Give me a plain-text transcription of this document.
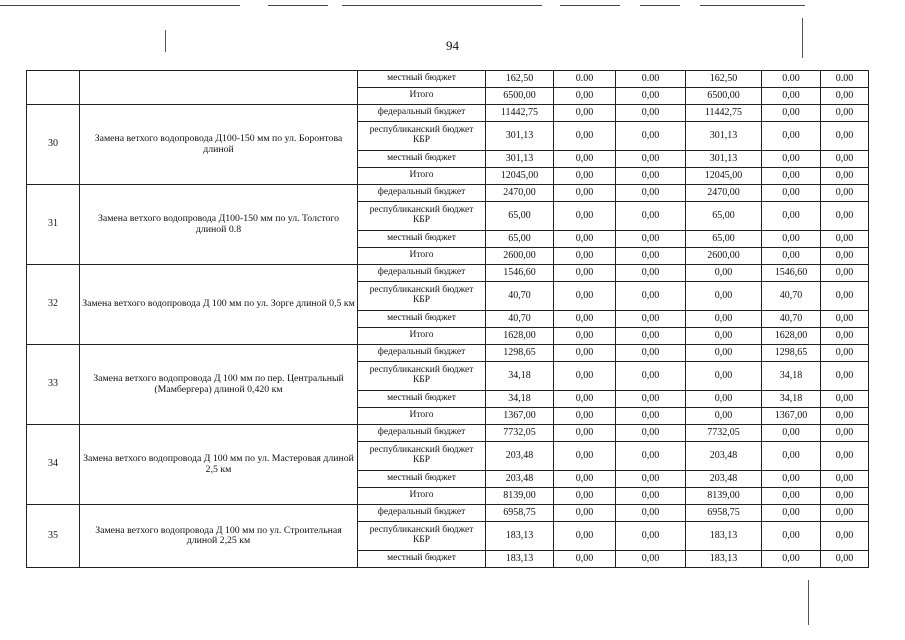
94
		местный бюджет	162,50	0.00	0.00	162,50	0.00	0.00
		Итого	6500,00	0,00	0,00	6500,00	0,00	0,00
30	Замена ветхого водопровода Д100-150 мм по ул. Боронтова длиной	федеральный бюджет	11442,75	0,00	0,00	11442,75	0,00	0,00
		республиканский бюджет КБР	301,13	0,00	0,00	301,13	0,00	0,00
		местный бюджет	301,13	0,00	0,00	301,13	0,00	0,00
		Итого	12045,00	0,00	0,00	12045,00	0,00	0,00
31	Замена ветхого водопровода Д100-150 мм по ул. Толстого длиной 0.8	федеральный бюджет	2470,00	0,00	0,00	2470,00	0,00	0,00
		республиканский бюджет КБР	65,00	0,00	0,00	65,00	0,00	0,00
		местный бюджет	65,00	0,00	0,00	65,00	0,00	0,00
		Итого	2600,00	0,00	0,00	2600,00	0,00	0,00
32	Замена ветхого водопровода Д 100 мм по ул. Зорге длиной 0,5 км	федеральный бюджет	1546,60	0,00	0,00	0,00	1546,60	0,00
		республиканский бюджет КБР	40,70	0,00	0,00	0,00	40,70	0,00
		местный бюджет	40,70	0,00	0,00	0,00	40,70	0,00
		Итого	1628,00	0,00	0,00	0,00	1628,00	0,00
33	Замена ветхого водопровода Д 100 мм по пер. Центральный (Мамбергера) длиной 0,420 км	федеральный бюджет	1298,65	0,00	0,00	0,00	1298,65	0,00
		республиканский бюджет КБР	34,18	0,00	0,00	0,00	34,18	0,00
		местный бюджет	34,18	0,00	0,00	0,00	34,18	0,00
		Итого	1367,00	0,00	0,00	0,00	1367,00	0,00
34	Замена ветхого водопровода Д 100 мм по ул. Мастеровая длиной 2,5 км	федеральный бюджет	7732,05	0,00	0,00	7732,05	0,00	0,00
		республиканский бюджет КБР	203,48	0,00	0,00	203,48	0,00	0,00
		местный бюджет	203,48	0,00	0,00	203,48	0,00	0,00
		Итого	8139,00	0,00	0,00	8139,00	0,00	0,00
35	Замена ветхого водопровода Д 100 мм по ул. Строительная длиной 2,25 км	федеральный бюджет	6958,75	0,00	0,00	6958,75	0,00	0,00
		республиканский бюджет КБР	183,13	0,00	0,00	183,13	0,00	0,00
		местный бюджет	183,13	0,00	0,00	183,13	0,00	0,00
